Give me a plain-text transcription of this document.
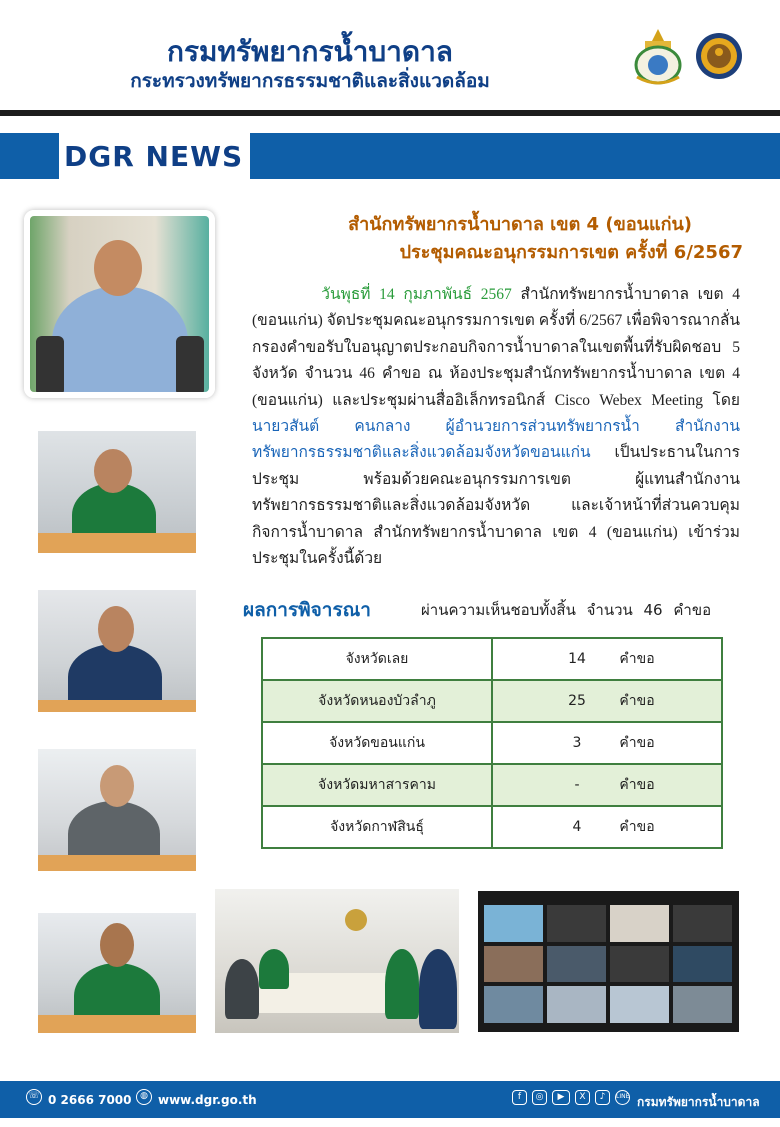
กรมทรัพยากรน้ำบาดาล
กระทรวงทรัพยากรธรรมชาติและสิ่งแวดล้อม
DGR NEWS
สำนักทรัพยากรน้ำบาดาล เขต 4 (ขอนแก่น)
ประชุมคณะอนุกรรมการเขต ครั้งที่ 6/2567
วันพุธที่ 14 กุมภาพันธ์ 2567 สำนักทรัพยากรน้ำบาดาล เขต 4 (ขอนแก่น) จัดประชุมคณะอนุกรรมการเขต ครั้งที่ 6/2567 เพื่อพิจารณากลั่นกรองคำขอรับใบอนุญาตประกอบกิจการน้ำบาดาลในเขตพื้นที่รับผิดชอบ 5 จังหวัด จำนวน 46 คำขอ ณ ห้องประชุมสำนักทรัพยากรน้ำบาดาล เขต 4 (ขอนแก่น) และประชุมผ่านสื่ออิเล็กทรอนิกส์ Cisco Webex Meeting โดย นายวสันต์ คนกลาง ผู้อำนวยการส่วนทรัพยากรน้ำ สำนักงานทรัพยากรธรรมชาติและสิ่งแวดล้อมจังหวัดขอนแก่น เป็นประธานในการประชุม พร้อมด้วยคณะอนุกรรมการเขต ผู้แทนสำนักงานทรัพยากรธรรมชาติและสิ่งแวดล้อมจังหวัด และเจ้าหน้าที่ส่วนควบคุมกิจการน้ำบาดาล สำนักทรัพยากรน้ำบาดาล เขต 4 (ขอนแก่น) เข้าร่วมประชุมในครั้งนี้ด้วย
ผลการพิจารณา	ผ่านความเห็นชอบทั้งสิ้น จำนวน 46 คำขอ
จังหวัดเลย	14 คำขอ
จังหวัดหนองบัวลำภู	25 คำขอ
จังหวัดขอนแก่น	3 คำขอ
จังหวัดมหาสารคาม	- คำขอ
จังหวัดกาฬสินธุ์	4 คำขอ
☏ 0 2666 7000 ◍ www.dgr.go.th	f	◎	▶	X	♪	LINE กรมทรัพยากรน้ำบาดาล
